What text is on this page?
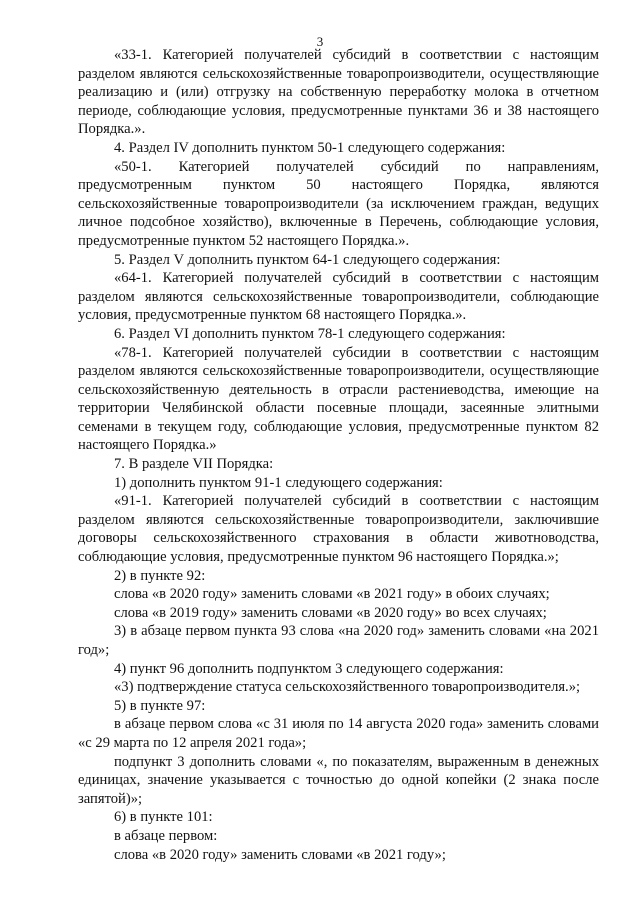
3

«33-1. Категорией получателей субсидий в соответствии с настоящим разделом являются сельскохозяйственные товаропроизводители, осуществляющие реализацию и (или) отгрузку на собственную переработку молока в отчетном периоде, соблюдающие условия, предусмотренные пунктами 36 и 38 настоящего Порядка.».

4. Раздел IV дополнить пунктом 50-1 следующего содержания:

«50-1. Категорией получателей субсидий по направлениям, предусмотренным пунктом 50 настоящего Порядка, являются сельскохозяйственные товаропроизводители (за исключением граждан, ведущих личное подсобное хозяйство), включенные в Перечень, соблюдающие условия, предусмотренные пунктом 52 настоящего Порядка.».

5. Раздел V дополнить пунктом 64-1 следующего содержания:

«64-1. Категорией получателей субсидий в соответствии с настоящим разделом являются сельскохозяйственные товаропроизводители, соблюдающие условия, предусмотренные пунктом 68 настоящего Порядка.».

6. Раздел VI дополнить пунктом 78-1 следующего содержания:

«78-1. Категорией получателей субсидии в соответствии с настоящим разделом являются сельскохозяйственные товаропроизводители, осуществляющие сельскохозяйственную деятельность в отрасли растениеводства, имеющие на территории Челябинской области посевные площади, засеянные элитными семенами в текущем году, соблюдающие условия, предусмотренные пунктом 82 настоящего Порядка.»

7. В разделе VII Порядка:

1) дополнить пунктом 91-1 следующего содержания:

«91-1. Категорией получателей субсидий в соответствии с настоящим разделом являются сельскохозяйственные товаропроизводители, заключившие договоры сельскохозяйственного страхования в области животноводства, соблюдающие условия, предусмотренные пунктом 96 настоящего Порядка.»;

2) в пункте 92:

слова «в 2020 году» заменить словами «в 2021 году» в обоих случаях;

слова «в 2019 году» заменить словами «в 2020 году» во всех случаях;

3) в абзаце первом пункта 93 слова «на 2020 год» заменить словами «на 2021 год»;

4) пункт 96 дополнить подпунктом 3 следующего содержания:

«3) подтверждение статуса сельскохозяйственного товаропроизводителя.»;

5) в пункте 97:

в абзаце первом слова «с 31 июля по 14 августа 2020 года» заменить словами «с 29 марта по 12 апреля 2021 года»;

подпункт 3 дополнить словами «, по показателям, выраженным в денежных единицах, значение указывается с точностью до одной копейки (2 знака после запятой)»;

6) в пункте 101:

в абзаце первом:

слова «в 2020 году» заменить словами «в 2021 году»;
